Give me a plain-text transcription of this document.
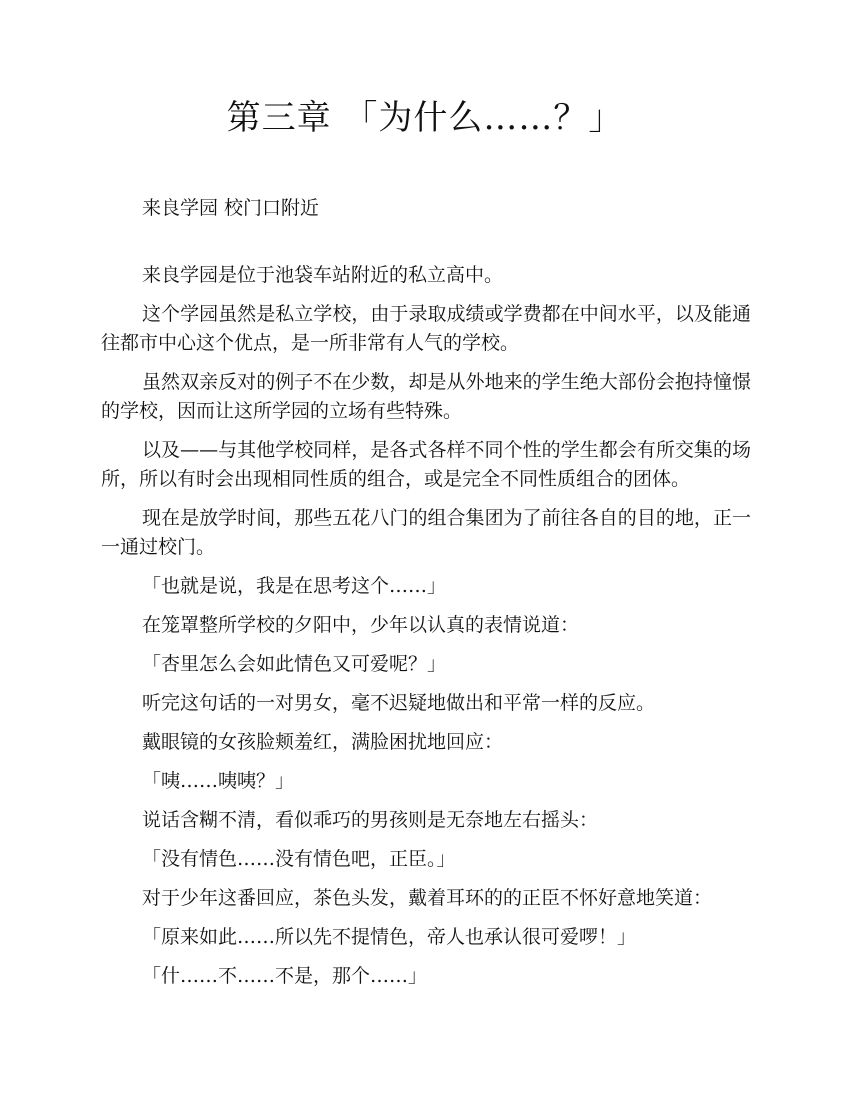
第三章 「为什么……？」
来良学园 校门口附近

来良学园是位于池袋车站附近的私立高中。

这个学园虽然是私立学校，由于录取成绩或学费都在中间水平，以及能通往都市中心这个优点，是一所非常有人气的学校。

虽然双亲反对的例子不在少数，却是从外地来的学生绝大部份会抱持憧憬的学校，因而让这所学园的立场有些特殊。

以及——与其他学校同样，是各式各样不同个性的学生都会有所交集的场所，所以有时会出现相同性质的组合，或是完全不同性质组合的团体。

现在是放学时间，那些五花八门的组合集团为了前往各自的目的地，正一一通过校门。

「也就是说，我是在思考这个……」

在笼罩整所学校的夕阳中，少年以认真的表情说道：

「杏里怎么会如此情色又可爱呢？」

听完这句话的一对男女，毫不迟疑地做出和平常一样的反应。

戴眼镜的女孩脸颊羞红，满脸困扰地回应：

「咦……咦咦？」

说话含糊不清，看似乖巧的男孩则是无奈地左右摇头：

「没有情色……没有情色吧，正臣。」

对于少年这番回应，茶色头发，戴着耳环的的正臣不怀好意地笑道：

「原来如此……所以先不提情色，帝人也承认很可爱啰！」

「什……不……不是，那个……」
